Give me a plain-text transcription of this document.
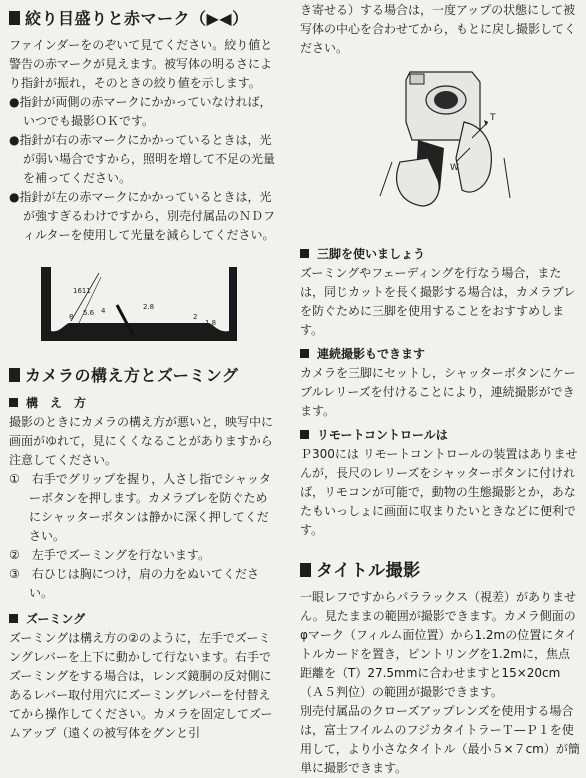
絞り目盛りと赤マーク（▶◀）

ファインダーをのぞいて見てください。絞り値と警告の赤マークが見えます。被写体の明るさにより指針が振れ，そのときの絞り値を示します。

●指針が両側の赤マークにかかっていなければ，いつでも撮影ＯＫです。

●指針が右の赤マークにかかっているときは，光が弱い場合ですから，照明を増して不足の光量を補ってください。

●指針が左の赤マークにかかっているときは，光が強すぎるわけですから，別売付属品のＮＤフィルターを使用して光量を減らしてください。

1611
8 5.6 4	2.8
2
1.8
カメラの構え方とズーミング
構　え　方

撮影のときにカメラの構え方が悪いと，映写中に画面がゆれて，見にくくなることがありますから注意してください。

①　右手でグリップを握り，人さし指でシャッターボタンを押します。カメラブレを防ぐためにシャッターボタンは静かに深く押してください。

②　左手でズーミングを行ないます。

③　右ひじは胸につけ，肩の力をぬいてください。

ズーミング

ズーミングは構え方の②のように，左手でズーミングレバーを上下に動かして行ないます。右手でズーミングをする場合は，レンズ鏡胴の反対側にあるレバー取付用穴にズーミングレバーを付替えてから操作してください。カメラを固定してズームアップ（遠くの被写体をグンと引

き寄せる）する場合は，一度アップの状態にして被写体の中心を合わせてから，もとに戻し撮影してください。

T
W
三脚を使いましょう

ズーミングやフェーディングを行なう場合，または，同じカットを長く撮影する場合は，カメラブレを防ぐために三脚を使用することをおすすめします。

連続撮影もできます

カメラを三脚にセットし，シャッターボタンにケーブルレリーズを付けることにより，連続撮影ができます。

リモートコントロールは

Ｐ300には リモートコントロールの装置はありませんが，長尺のレリーズをシャッターボタンに付ければ，リモコンが可能で，動物の生態撮影とか，あなたもいっしょに画面に収まりたいときなどに便利です。

タイトル撮影

一眼レフですからパララックス（視差）がありません。見たままの範囲が撮影できます。カメラ側面のφマーク（フィルム面位置）から1.2mの位置にタイトルカードを置き，ピントリングを1.2mに，焦点距離を（T）27.5mmに合わせますと15×20cm（Ａ５判位）の範囲が撮影できます。

別売付属品のクローズアップレンズを使用する場合は，富士フイルムのフジカタイトラーＴ—Ｐ１を使用して，より小さなタイトル（最小５×７cm）が簡単に撮影できます。
